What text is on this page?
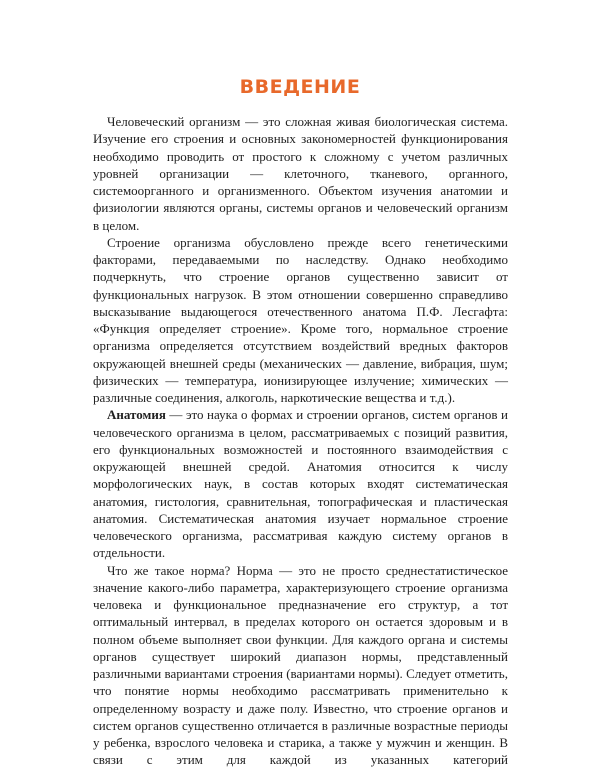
ВВЕДЕНИЕ

Человеческий организм — это сложная живая биологическая система. Изучение его строения и основных закономерностей функционирования необходимо проводить от простого к сложному с учетом различных уровней организации — клеточного, тканевого, органного, системоорганного и организменного. Объектом изучения анатомии и физиологии являются органы, системы органов и человеческий организм в целом.

Строение организма обусловлено прежде всего генетическими факторами, передаваемыми по наследству. Однако необходимо подчеркнуть, что строение органов существенно зависит от функциональных нагрузок. В этом отношении совершенно справедливо высказывание выдающегося отечественного анатома П.Ф. Лесгафта: «Функция определяет строение». Кроме того, нормальное строение организма определяется отсутствием воздействий вредных факторов окружающей внешней среды (механических — давление, вибрация, шум; физических — температура, ионизирующее излучение; химических — различные соединения, алкоголь, наркотические вещества и т.д.).

Анатомия — это наука о формах и строении органов, систем органов и человеческого организма в целом, рассматриваемых с позиций развития, его функциональных возможностей и постоянного взаимодействия с окружающей внешней средой. Анатомия относится к числу морфологических наук, в состав которых входят систематическая анатомия, гистология, сравнительная, топографическая и пластическая анатомия. Систематическая анатомия изучает нормальное строение человеческого организма, рассматривая каждую систему органов в отдельности.

Что же такое норма? Норма — это не просто среднестатистическое значение какого-либо параметра, характеризующего строение организма человека и функциональное предназначение его структур, а тот оптимальный интервал, в пределах которого он остается здоровым и в полном объеме выполняет свои функции. Для каждого органа и системы органов существует широкий диапазон нормы, представленный различными вариантами строения (вариантами нормы). Следует отметить, что понятие нормы необходимо рассматривать применительно к определенному возрасту и даже полу. Известно, что строение органов и систем органов существенно отличается в различные возрастные периоды у ребенка, взрослого человека и старика, а также у мужчин и женщин. В связи с этим для каждой из указанных категорий
